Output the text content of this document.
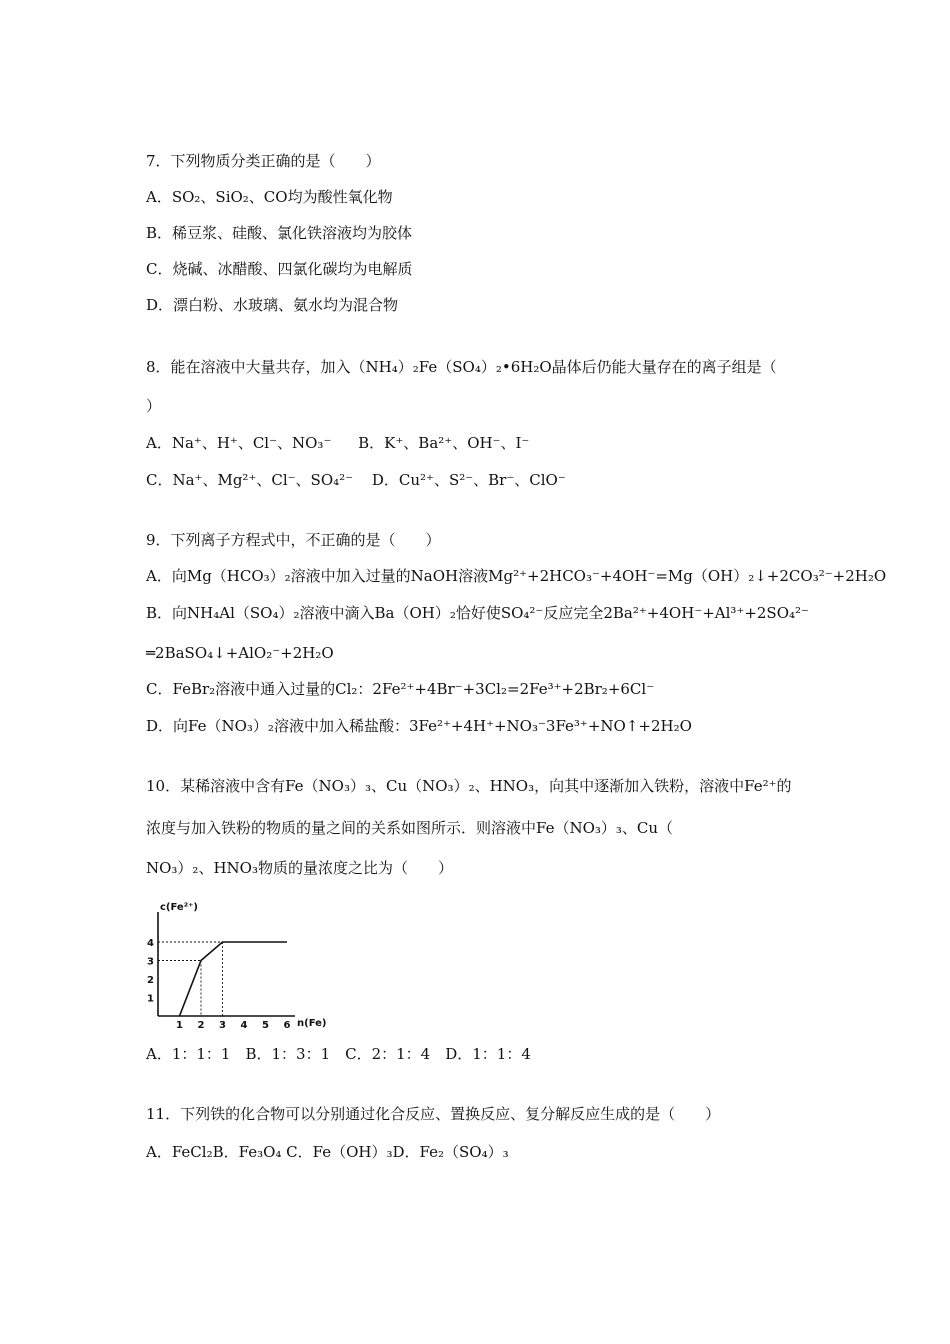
7．下列物质分类正确的是（　　）
A．SO₂、SiO₂、CO均为酸性氧化物
B．稀豆浆、硅酸、氯化铁溶液均为胶体
C．烧碱、冰醋酸、四氯化碳均为电解质
D．漂白粉、水玻璃、氨水均为混合物
8．能在溶液中大量共存，加入（NH₄）₂Fe（SO₄）₂•6H₂O晶体后仍能大量存在的离子组是（
）
A．Na⁺、H⁺、Cl⁻、NO₃⁻ B．K⁺、Ba²⁺、OH⁻、I⁻
C．Na⁺、Mg²⁺、Cl⁻、SO₄²⁻ D．Cu²⁺、S²⁻、Br⁻、ClO⁻
9．下列离子方程式中，不正确的是（　　）
A．向Mg（HCO₃）₂溶液中加入过量的NaOH溶液Mg²⁺+2HCO₃⁻+4OH⁻=Mg（OH）₂↓+2CO₃²⁻+2H₂O
B．向NH₄Al（SO₄）₂溶液中滴入Ba（OH）₂恰好使SO₄²⁻反应完全2Ba²⁺+4OH⁻+Al³⁺+2SO₄²⁻
═2BaSO₄↓+AlO₂⁻+2H₂O
C．FeBr₂溶液中通入过量的Cl₂：2Fe²⁺+4Br⁻+3Cl₂=2Fe³⁺+2Br₂+6Cl⁻
D．向Fe（NO₃）₂溶液中加入稀盐酸：3Fe²⁺+4H⁺+NO₃⁻3Fe³⁺+NO↑+2H₂O
10．某稀溶液中含有Fe（NO₃）₃、Cu（NO₃）₂、HNO₃，向其中逐渐加入铁粉，溶液中Fe²⁺的
浓度与加入铁粉的物质的量之间的关系如图所示．则溶液中Fe（NO₃）₃、Cu（
NO₃）₂、HNO₃物质的量浓度之比为（　　）
c(Fe²⁺)
n(Fe)
1 2 3 4 5 6
1
2
3
4
A．1：1：1　B．1：3：1　C．2：1：4　D．1：1：4
11．下列铁的化合物可以分别通过化合反应、置换反应、复分解反应生成的是（　　）
A．FeCl₂B．Fe₃O₄ C．Fe（OH）₃D．Fe₂（SO₄）₃
